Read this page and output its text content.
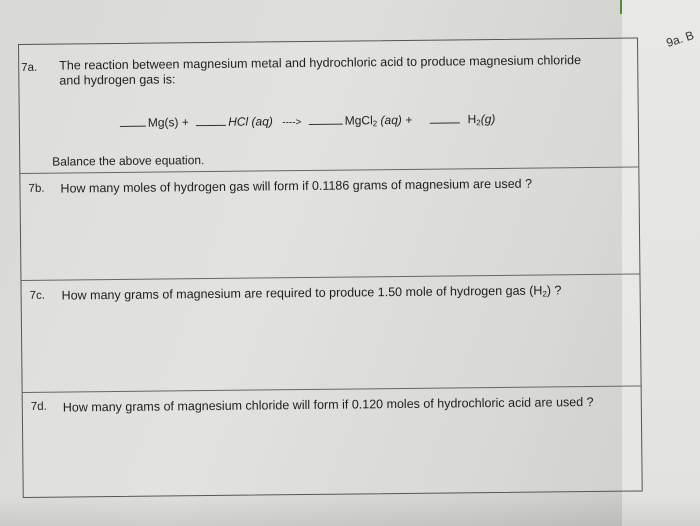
9a. B
7a. The reaction between magnesium metal and hydrochloric acid to produce magnesium chloride
and hydrogen gas is:
Mg(s) +	HCl (aq) ---->	MgCl$_2$ (aq) +	$H_2(g)$
Balance the above equation.
7b. How many moles of hydrogen gas will form if 0.1186 grams of magnesium are used ?
7c. How many grams of magnesium are required to produce 1.50 mole of hydrogen gas $(H_2)$ ?
7d. How many grams of magnesium chloride will form if 0.120 moles of hydrochloric acid are used ?
